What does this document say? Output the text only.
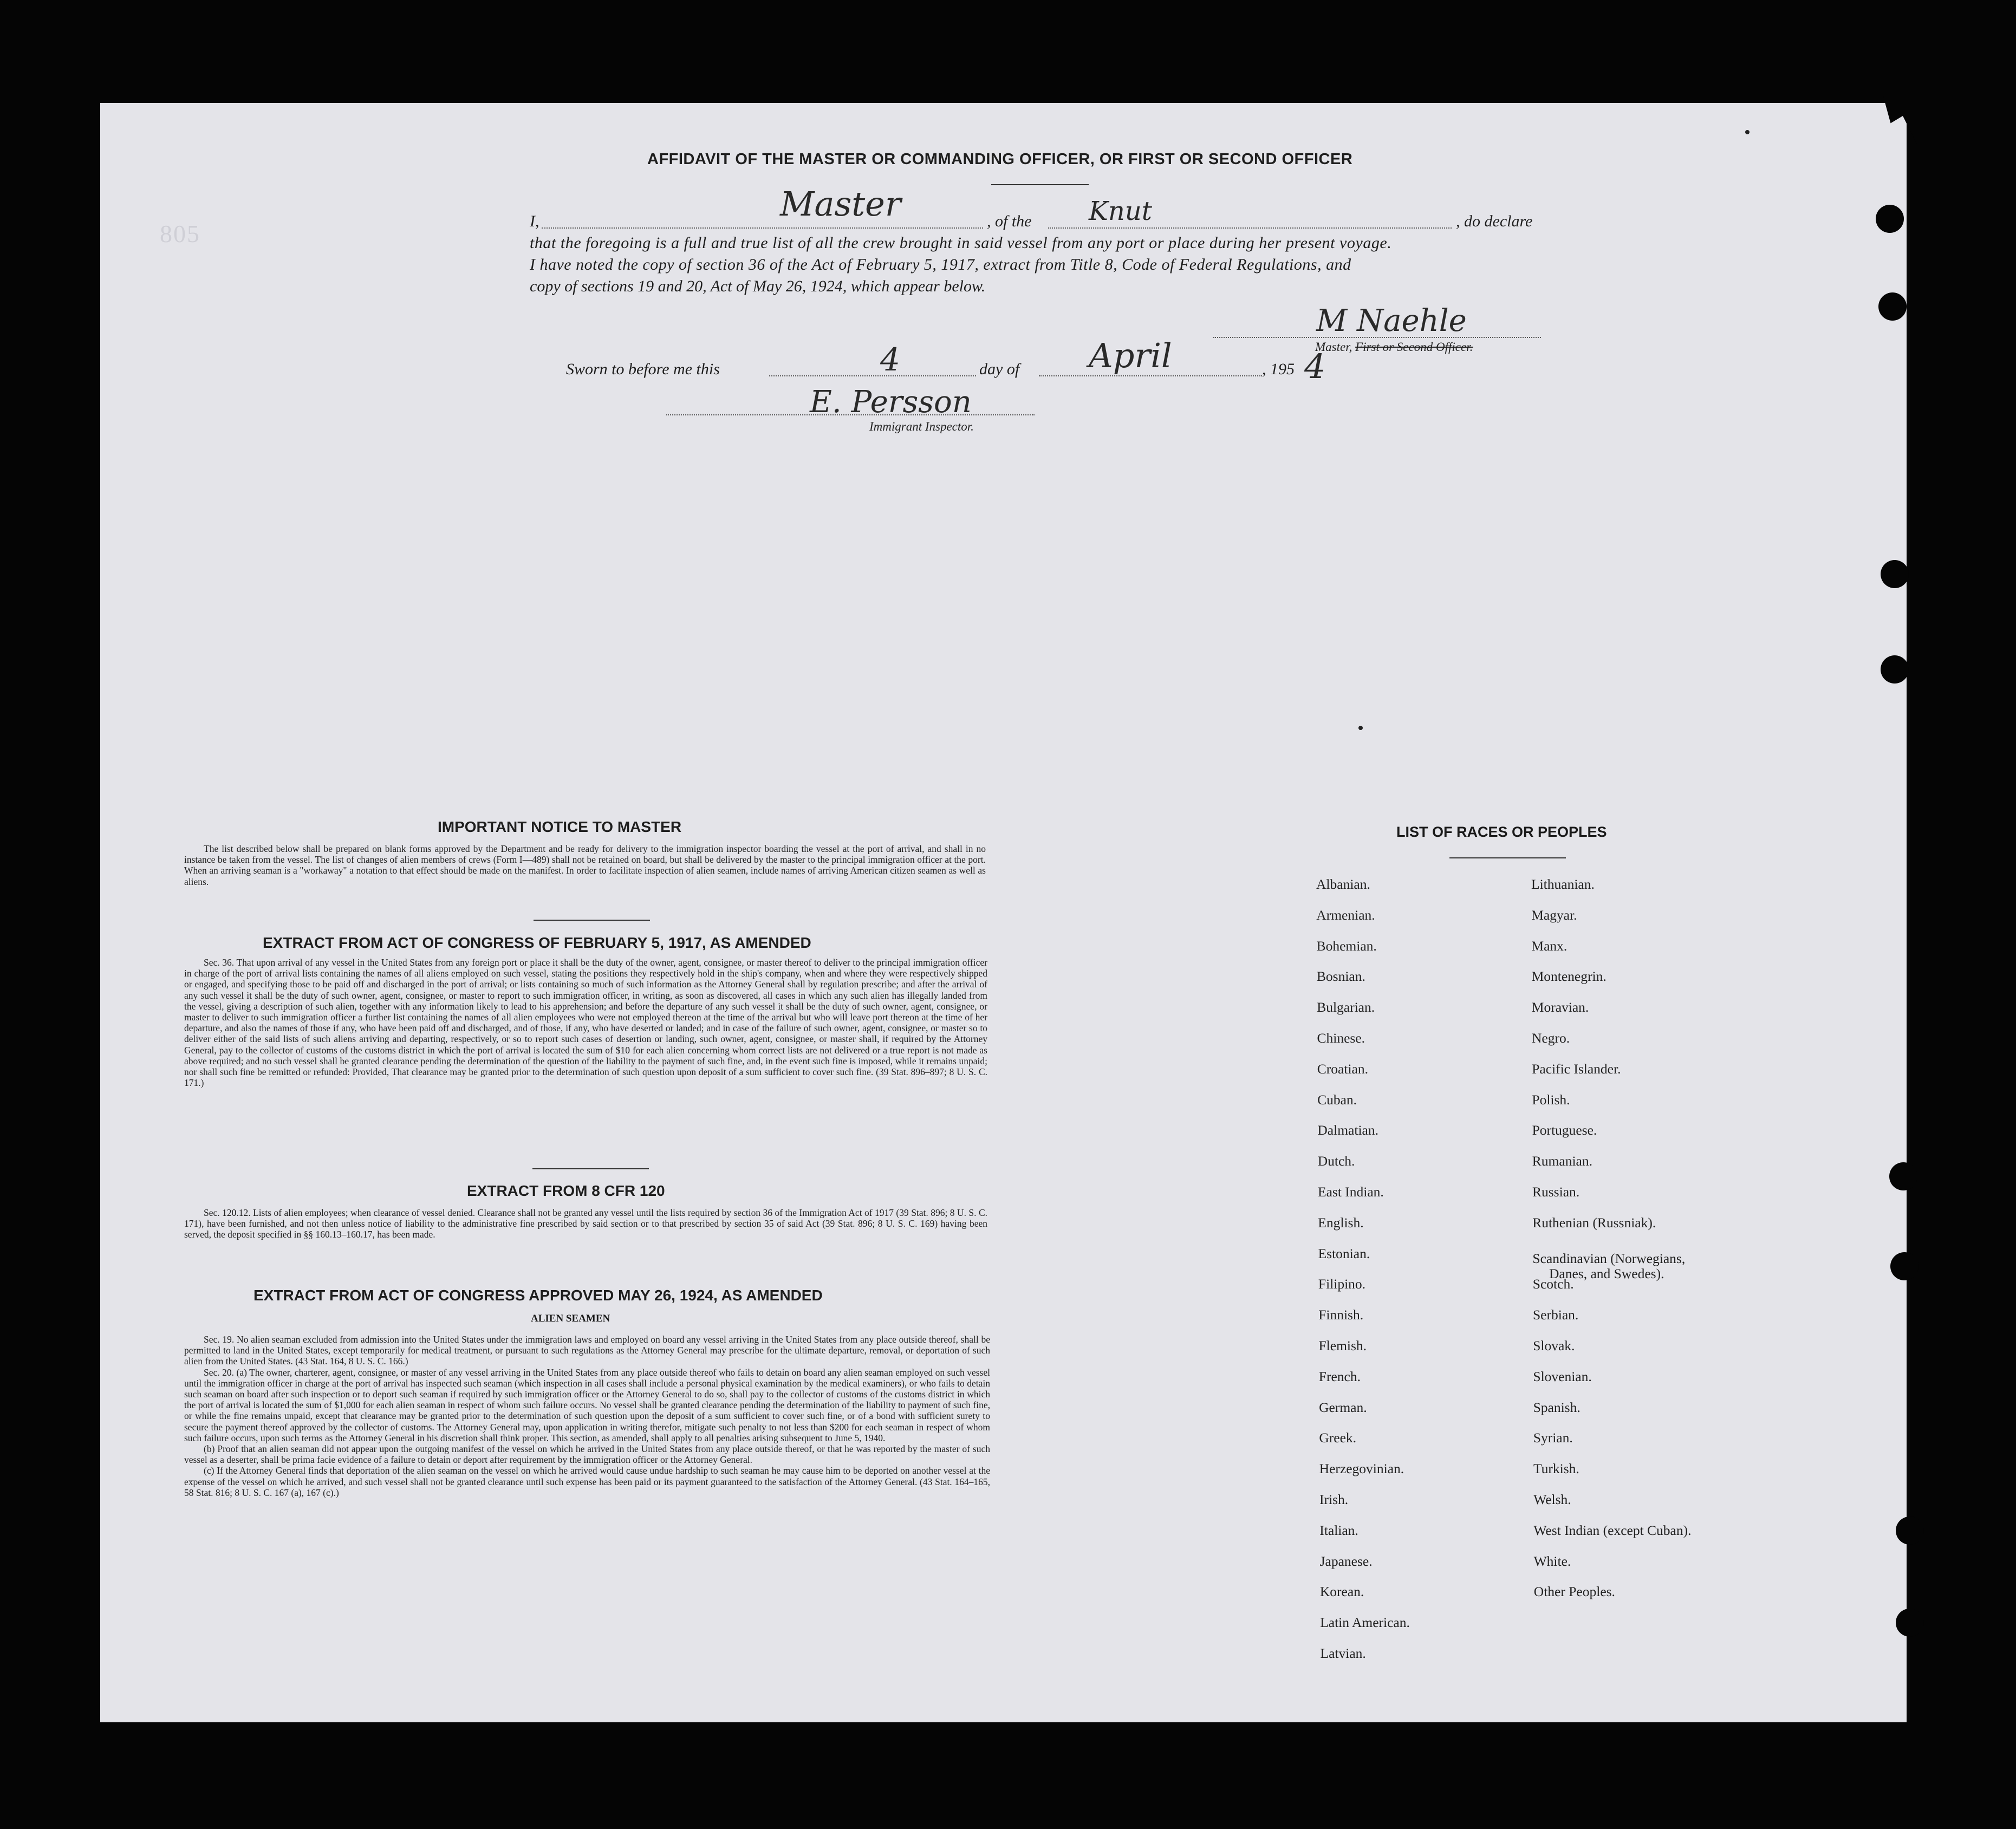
805
AFFIDAVIT OF THE MASTER OR COMMANDING OFFICER, OR FIRST OR SECOND OFFICER
I,	Master	, of the Knut	, do declare
that the foregoing is a full and true list of all the crew brought in said vessel from any port or place during her present voyage.
I have noted the copy of section 36 of the Act of February 5, 1917, extract from Title 8, Code of Federal Regulations, and
copy of sections 19 and 20, Act of May 26, 1924, which appear below.
M Naehle
Master, First or Second Officer.
Sworn to before me this	4	day of April	, 195 4
E. Persson
Immigrant Inspector.
IMPORTANT NOTICE TO MASTER

The list described below shall be prepared on blank forms approved by the Department and be ready for delivery to the immigration inspector boarding the vessel at the port of arrival, and shall in no instance be taken from the vessel. The list of changes of alien members of crews (Form I—489) shall not be retained on board, but shall be delivered by the master to the principal immigration officer at the port. When an arriving seaman is a "workaway" a notation to that effect should be made on the manifest. In order to facilitate inspection of alien seamen, include names of arriving American citizen seamen as well as aliens.

EXTRACT FROM ACT OF CONGRESS OF FEBRUARY 5, 1917, AS AMENDED

Sec. 36. That upon arrival of any vessel in the United States from any foreign port or place it shall be the duty of the owner, agent, consignee, or master thereof to deliver to the principal immigration officer in charge of the port of arrival lists containing the names of all aliens employed on such vessel, stating the positions they respectively hold in the ship's company, when and where they were respectively shipped or engaged, and specifying those to be paid off and discharged in the port of arrival; or lists containing so much of such information as the Attorney General shall by regulation prescribe; and after the arrival of any such vessel it shall be the duty of such owner, agent, consignee, or master to report to such immigration officer, in writing, as soon as discovered, all cases in which any such alien has illegally landed from the vessel, giving a description of such alien, together with any information likely to lead to his apprehension; and before the departure of any such vessel it shall be the duty of such owner, agent, consignee, or master to deliver to such immigration officer a further list containing the names of all alien employees who were not employed thereon at the time of the arrival but who will leave port thereon at the time of her departure, and also the names of those if any, who have been paid off and discharged, and of those, if any, who have deserted or landed; and in case of the failure of such owner, agent, consignee, or master so to deliver either of the said lists of such aliens arriving and departing, respectively, or so to report such cases of desertion or landing, such owner, agent, consignee, or master shall, if required by the Attorney General, pay to the collector of customs of the customs district in which the port of arrival is located the sum of $10 for each alien concerning whom correct lists are not delivered or a true report is not made as above required; and no such vessel shall be granted clearance pending the determination of the question of the liability to the payment of such fine, and, in the event such fine is imposed, while it remains unpaid; nor shall such fine be remitted or refunded: Provided, That clearance may be granted prior to the determination of such question upon deposit of a sum sufficient to cover such fine. (39 Stat. 896–897; 8 U. S. C. 171.)

EXTRACT FROM 8 CFR 120

Sec. 120.12. Lists of alien employees; when clearance of vessel denied. Clearance shall not be granted any vessel until the lists required by section 36 of the Immigration Act of 1917 (39 Stat. 896; 8 U. S. C. 171), have been furnished, and not then unless notice of liability to the administrative fine prescribed by said section or to that prescribed by section 35 of said Act (39 Stat. 896; 8 U. S. C. 169) having been served, the deposit specified in §§ 160.13–160.17, has been made.

EXTRACT FROM ACT OF CONGRESS APPROVED MAY 26, 1924, AS AMENDED
ALIEN SEAMEN

Sec. 19. No alien seaman excluded from admission into the United States under the immigration laws and employed on board any vessel arriving in the United States from any place outside thereof, shall be permitted to land in the United States, except temporarily for medical treatment, or pursuant to such regulations as the Attorney General may prescribe for the ultimate departure, removal, or deportation of such alien from the United States. (43 Stat. 164, 8 U. S. C. 166.)

Sec. 20. (a) The owner, charterer, agent, consignee, or master of any vessel arriving in the United States from any place outside thereof who fails to detain on board any alien seaman employed on such vessel until the immigration officer in charge at the port of arrival has inspected such seaman (which inspection in all cases shall include a personal physical examination by the medical examiners), or who fails to detain such seaman on board after such inspection or to deport such seaman if required by such immigration officer or the Attorney General to do so, shall pay to the collector of customs of the customs district in which the port of arrival is located the sum of $1,000 for each alien seaman in respect of whom such failure occurs. No vessel shall be granted clearance pending the determination of the liability to payment of such fine, or while the fine remains unpaid, except that clearance may be granted prior to the determination of such question upon the deposit of a sum sufficient to cover such fine, or of a bond with sufficient surety to secure the payment thereof approved by the collector of customs. The Attorney General may, upon application in writing therefor, mitigate such penalty to not less than $200 for each seaman in respect of whom such failure occurs, upon such terms as the Attorney General in his discretion shall think proper. This section, as amended, shall apply to all penalties arising subsequent to June 5, 1940.

(b) Proof that an alien seaman did not appear upon the outgoing manifest of the vessel on which he arrived in the United States from any place outside thereof, or that he was reported by the master of such vessel as a deserter, shall be prima facie evidence of a failure to detain or deport after requirement by the immigration officer or the Attorney General.

(c) If the Attorney General finds that deportation of the alien seaman on the vessel on which he arrived would cause undue hardship to such seaman he may cause him to be deported on another vessel at the expense of the vessel on which he arrived, and such vessel shall not be granted clearance until such expense has been paid or its payment guaranteed to the satisfaction of the Attorney General. (43 Stat. 164–165, 58 Stat. 816; 8 U. S. C. 167 (a), 167 (c).)

LIST OF RACES OR PEOPLES
Albanian.
Armenian.
Bohemian.
Bosnian.
Bulgarian.
Chinese.
Croatian.
Cuban.
Dalmatian.
Dutch.
East Indian.
English.
Estonian.
Filipino.
Finnish.
Flemish.
French.
German.
Greek.
Herzegovinian.
Irish.
Italian.
Japanese.
Korean.
Latin American.
Latvian.
Lithuanian.
Magyar.
Manx.
Montenegrin.
Moravian.
Negro.
Pacific Islander.
Polish.
Portuguese.
Rumanian.
Russian.
Ruthenian (Russniak).
Scandinavian (Norwegians,
Danes, and Swedes).
Scotch.
Serbian.
Slovak.
Slovenian.
Spanish.
Syrian.
Turkish.
Welsh.
West Indian (except Cuban).
White.
Other Peoples.
